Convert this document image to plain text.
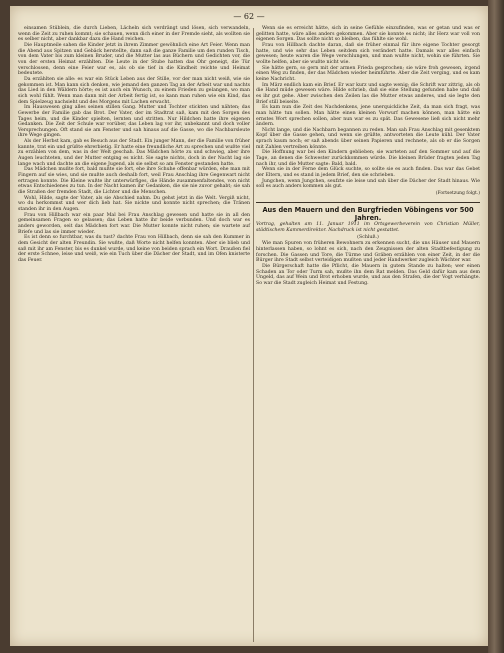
— 62 —

einsamen Stüblein, die durch Lieben, Lächeln sich verdrängt und lösen, sich verwandeln, wenn die Zeit zu ruhen kommt; sie schauen, wenn dich einer in der Fremde sieht, als wollten sie es selber nicht, aber dankbar dazu die Hand reichen.

Die Hauptmeile sahen die Kinder jetzt in ihrem Zimmer gewöhnlich eine Art Feier. Wenn man die Abend aus Spitzen und Gebäck herstellte, dann saß die ganze Familie um den runden Tisch, von dem Vater bis zum kleinen Bruder, und die Mutter las aus Büchern und Gedichten vor, die von der ersten Heimat erzählten. Die Leute in der Stube hatten das Ohr geneigt, die Tür verschlossen, denn eine Feier war es, als ob sie tief in die Kindheit reichte und Heimat bedeutete.

Da erzählten sie alle: es war ein Stück Leben aus der Stille, vor der man nicht weiß, wie sie gekommen ist. Man kann sich denken, wie jemand den ganzen Tag an der Arbeit war und nachts das Lied in den Wäldern hörte; es ist auch ein Wunsch, zu einem Frieden zu gelangen, wo man sich wohl fühlt. Wenn man dann mit der Arbeit fertig ist, so kann man ruhen wie ein Kind, das dem Spielzeug nachsieht und des Morgens mit Lachen erwacht.

Im Hauswesen ging alles seinen stillen Gang. Mutter und Tochter stickten und nähten; das Gewerbe der Familie gab das Brot. Der Vater, der im Stadtrat saß, kam mit den Sorgen des Tages heim, und die Kinder spielten, lernten und stritten. Nur Hildchen hatte ihre eigenen Gedanken. Die Zeit der Schule war vorüber, das Leben lag vor ihr, unbekannt und doch voller Versprechungen. Oft stand sie am Fenster und sah hinaus auf die Gasse, wo die Nachbarsleute ihre Wege gingen.

Als der Herbst kam, gab es Besuch aus der Stadt. Ein junger Mann, der die Familie von früher kannte, trat ein und grüßte ehrerbietig. Er hatte eine freundliche Art zu sprechen und wußte viel zu erzählen von dem, was in der Welt geschah. Das Mädchen hörte zu und schwieg, aber ihre Augen leuchteten, und der Mutter entging es nicht. Sie sagte nichts, doch in der Nacht lag sie lange wach und dachte an die eigene Jugend, als sie selbst so am Fenster gestanden hatte.

Das Mädchen mußte fort, bald mußte sie fort, ehe ihre Schuhe offenbar würden, ehe man mit Fingern auf sie wies, und sie mußte auch deshalb fort, weil Frau Anschlag ihre Gegenwart nicht ertragen konnte. Die Kleine wußte ihr unterwürfiges, die Hände zusammenfaltendes, von nicht etwas Entschiedenes zu tun. In der Nacht kamen ihr Gedanken, die sie nie zuvor gehabt; sie sah die Straßen der fremden Stadt, die Lichter und die Menschen.

Wohl, Hilde, sagte der Vater, als sie Abschied nahm. Du gehst jetzt in die Welt. Vergiß nicht, wo du herkommst und wer dich lieb hat. Sie nickte und konnte nicht sprechen; die Tränen standen ihr in den Augen.

Frau von Hillbach war ein paar Mal bei Frau Anschlag gewesen und hatte sie in all den gemeinsamen Fragen so gelassen; das Leben hatte ihr beide verbunden. Und doch war es anders geworden, seit das Mädchen fort war. Die Mutter konnte nicht ruhen; sie wartete auf Briefe und las sie immer wieder.

Es ist denn so furchtbar, was du tust? dachte Frau von Hillbach, denn sie sah den Kummer in dem Gesicht der alten Freundin. Sie wußte, daß Worte nicht helfen konnten. Aber sie blieb und saß mit ihr am Fenster, bis es dunkel wurde, und keine von beiden sprach ein Wort. Draußen fiel der erste Schnee, leise und weiß, wie ein Tuch über die Dächer der Stadt, und im Ofen knisterte das Feuer.

Wenn sie es erreicht hätte, sich in seine Gefühle einzufinden, was er getan und was er gelitten hatte, wäre alles anders gekommen. Aber sie konnte es nicht; ihr Herz war voll von eigenen Sorgen. Das sollte nicht so bleiben, das fühlte sie wohl.

Frau von Hillbach dachte daran, daß sie früher einmal für ihre eigene Tochter gesorgt hatte, und wie sehr das Leben seitdem sich verändert hatte. Damals war alles einfach gewesen; heute waren die Wege verschlungen, und man wußte nicht, wohin sie führten. Sie wollte helfen, aber sie wußte nicht wie.

Sie hätte gern, so gern mit der armen Frieda gesprochen; sie wäre froh gewesen, irgend einen Weg zu finden, der das Mädchen wieder heimführte. Aber die Zeit verging, und es kam keine Nachricht.

Im März endlich kam ein Brief. Er war kurz und sagte wenig; die Schrift war zittrig, als ob die Hand müde gewesen wäre. Hilde schrieb, daß sie eine Stellung gefunden habe und daß es ihr gut gehe. Aber zwischen den Zeilen las die Mutter etwas anderes, und sie legte den Brief still beiseite.

Es kam nun die Zeit des Nachdenkens, jene unerquickliche Zeit, da man sich fragt, was man hätte tun sollen. Man hätte einen kleinen Vorwurf machen können, man hätte ein ernstes Wort sprechen sollen, aber nun war es zu spät. Das Gewesene ließ sich nicht mehr ändern.

Nicht lange, und die Nachbarn begannen zu reden. Man sah Frau Anschlag mit gesenktem Kopf über die Gasse gehen, und wenn sie grüßte, antworteten die Leute kühl. Der Vater sprach kaum noch; er saß abends über seinen Papieren und rechnete, als ob er die Sorgen mit Zahlen vertreiben könnte.

Die Hoffnung war bei den Kindern geblieben; sie warteten auf den Sommer und auf die Tage, an denen die Schwester zurückkommen würde. Die kleinen Brüder fragten jeden Tag nach ihr, und die Mutter sagte: Bald, bald.

Wenn sie in der Ferne dem Glück suchte, so sollte sie es auch finden. Das war das Gebet der Eltern, und es stand in jedem Brief, den sie schrieben.

Jungchen, wenn Jungchen, seufzte sie leise und sah über die Dächer der Stadt hinaus. Wie soll es auch anders kommen als gut.

(Fortsetzung folgt.)
Aus den Mauern und den Burgfrieden Vöbingens vor 500 Jahren.

Vortrag, gehalten am 11. Januar 1911 im Ortsgewerbeverein von Christian Müller, städtischem Kammerdirektor. Nachdruck ist nicht gestattet.

(Schluß.)

Wie man Spuren von früheren Bewohnern zu erkennen sucht, die uns Häuser und Mauern hinterlassen haben, so lohnt es sich, nach den Zeugnissen der alten Stadtbefestigung zu forschen. Die Gassen und Tore, die Türme und Gräben erzählen von einer Zeit, in der die Bürger ihre Stadt selbst verteidigen mußten und jeder Handwerker zugleich Wächter war.

Die Bürgerschaft hatte die Pflicht, die Mauern in gutem Stande zu halten; wer einen Schaden an Tor oder Turm sah, mußte ihn dem Rat melden. Das Geld dafür kam aus dem Ungeld, das auf Wein und Brot erhoben wurde, und aus den Strafen, die der Vogt verhängte. So war die Stadt zugleich Heimat und Festung.
